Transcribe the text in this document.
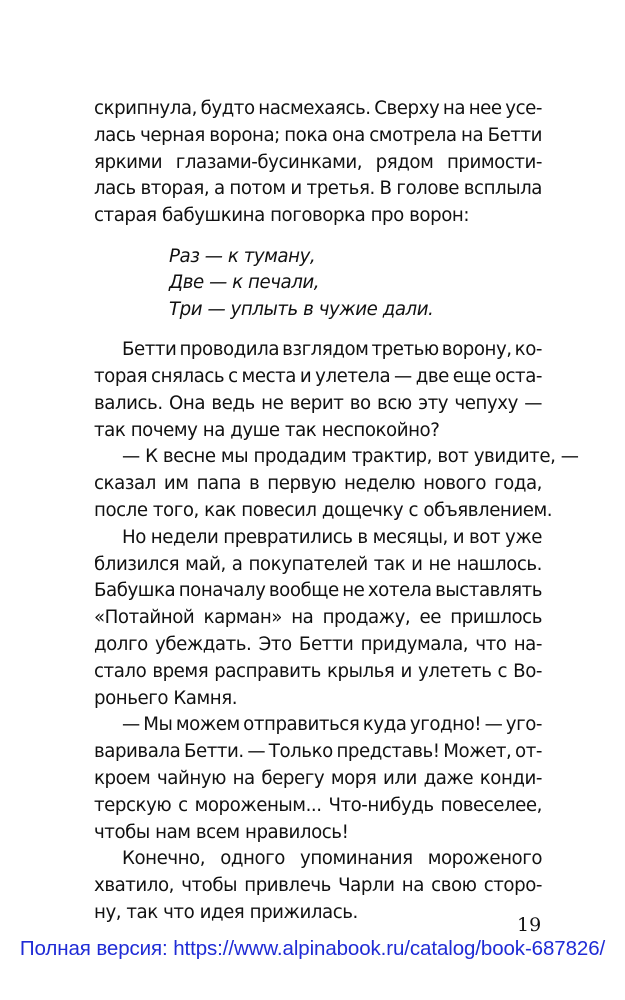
скрипнула, будто насмехаясь. Сверху на нее усе-
лась черная ворона; пока она смотрела на Бетти
яркими глазами-бусинками, рядом примости-
лась вторая, а потом и третья. В голове всплыла
старая бабушкина поговорка про ворон:
Раз — к туману,
Две — к печали,
Три — уплыть в чужие дали.
Бетти проводила взглядом третью ворону, ко-
торая снялась с места и улетела — две еще оста-
вались. Она ведь не верит во всю эту чепуху —
так почему на душе так неспокойно?
— К весне мы продадим трактир, вот увидите, —
сказал им папа в первую неделю нового года,
после того, как повесил дощечку с объявлением.
Но недели превратились в месяцы, и вот уже
близился май, а покупателей так и не нашлось.
Бабушка поначалу вообще не хотела выставлять
«Потайной карман» на продажу, ее пришлось
долго убеждать. Это Бетти придумала, что на-
стало время расправить крылья и улететь с Во-
роньего Камня.
— Мы можем отправиться куда угодно! — уго-
варивала Бетти. — Только представь! Может, от-
кроем чайную на берегу моря или даже конди-
терскую с мороженым... Что-нибудь повеселее,
чтобы нам всем нравилось!
Конечно, одного упоминания мороженого
хватило, чтобы привлечь Чарли на свою сторо-
ну, так что идея прижилась.
19
Полная версия: https://www.alpinabook.ru/catalog/book-687826/
